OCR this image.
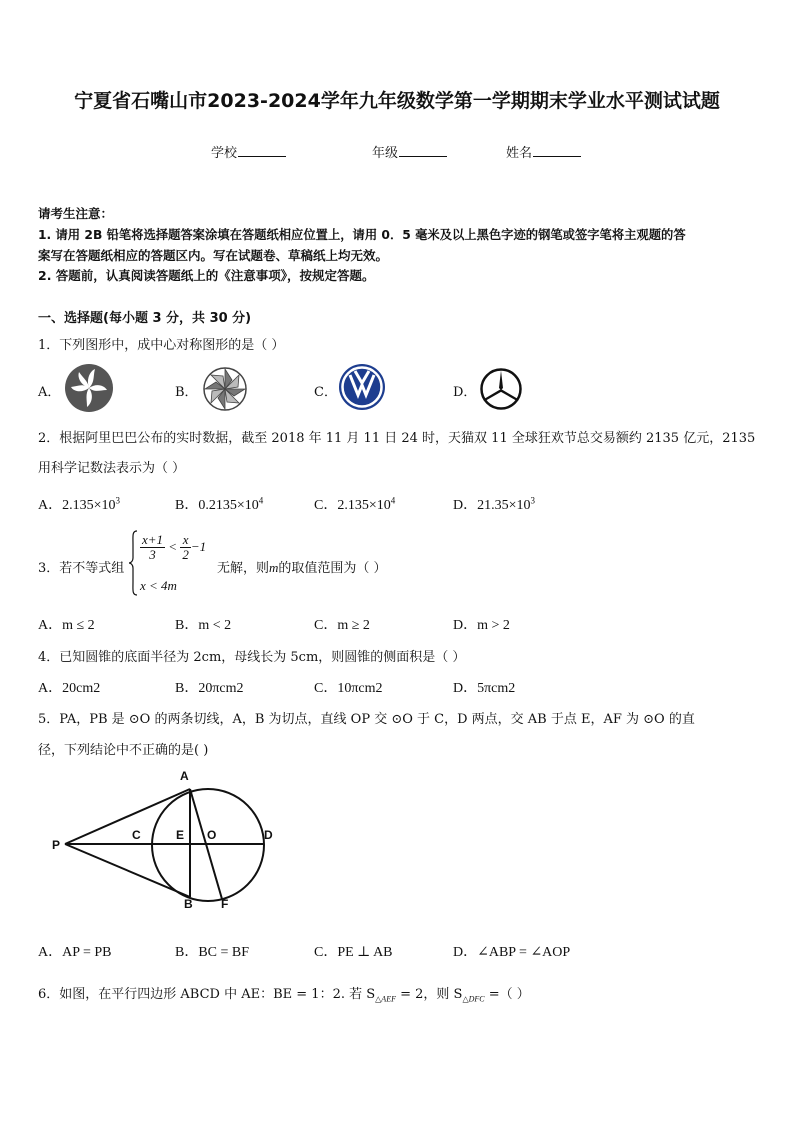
宁夏省石嘴山市2023-2024学年九年级数学第一学期期末学业水平测试试题
学校	年级	姓名
请考生注意：
1. 请用 2B 铅笔将选择题答案涂填在答题纸相应位置上，请用 0．5 毫米及以上黑色字迹的钢笔或签字笔将主观题的答
案写在答题纸相应的答题区内。写在试题卷、草稿纸上均无效。
2. 答题前，认真阅读答题纸上的《注意事项》，按规定答题。
一、选择题(每小题 3 分，共 30 分)
1．下列图形中，成中心对称图形的是（ ）
A．	B．	C．	D．
2．根据阿里巴巴公布的实时数据，截至 2018 年 11 月 11 日 24 时，天猫双 11 全球狂欢节总交易额约 2135 亿元，2135
用科学记数法表示为（ ）
A．$2.135\times 10^3$	B．$0.2135\times 10^4$	C．$2.135\times 10^4$	D．$21.35\times 10^3$
3．若不等式组
$\frac{x+1}{3} < \frac{x}{2} -1$
无解，则m的取值范围为（ ）
x < 4m
A．m ≤ 2	B．m < 2	C．m ≥ 2	D．m > 2
4．已知圆锥的底面半径为 2cm，母线长为 5cm，则圆锥的侧面积是（ ）
A．20cm2	B．20πcm2	C．10πcm2	D．5πcm2
5．PA，PB 是 ⊙O 的两条切线，A，B 为切点，直线 OP 交 ⊙O 于 C，D 两点，交 AB 于点 E，AF 为 ⊙O 的直
径，下列结论中不正确的是( )
A
B
C	E O	D
P
F
A．AP = PB	B．BC = BF	C．PE ⊥ AB	D．∠ABP = ∠AOP
6．如图，在平行四边形 ABCD 中 AE：BE = 1：2. 若 $S_{\triangle AEF} = 2$，则 $S_{\triangle DFC}$ =（ ）
